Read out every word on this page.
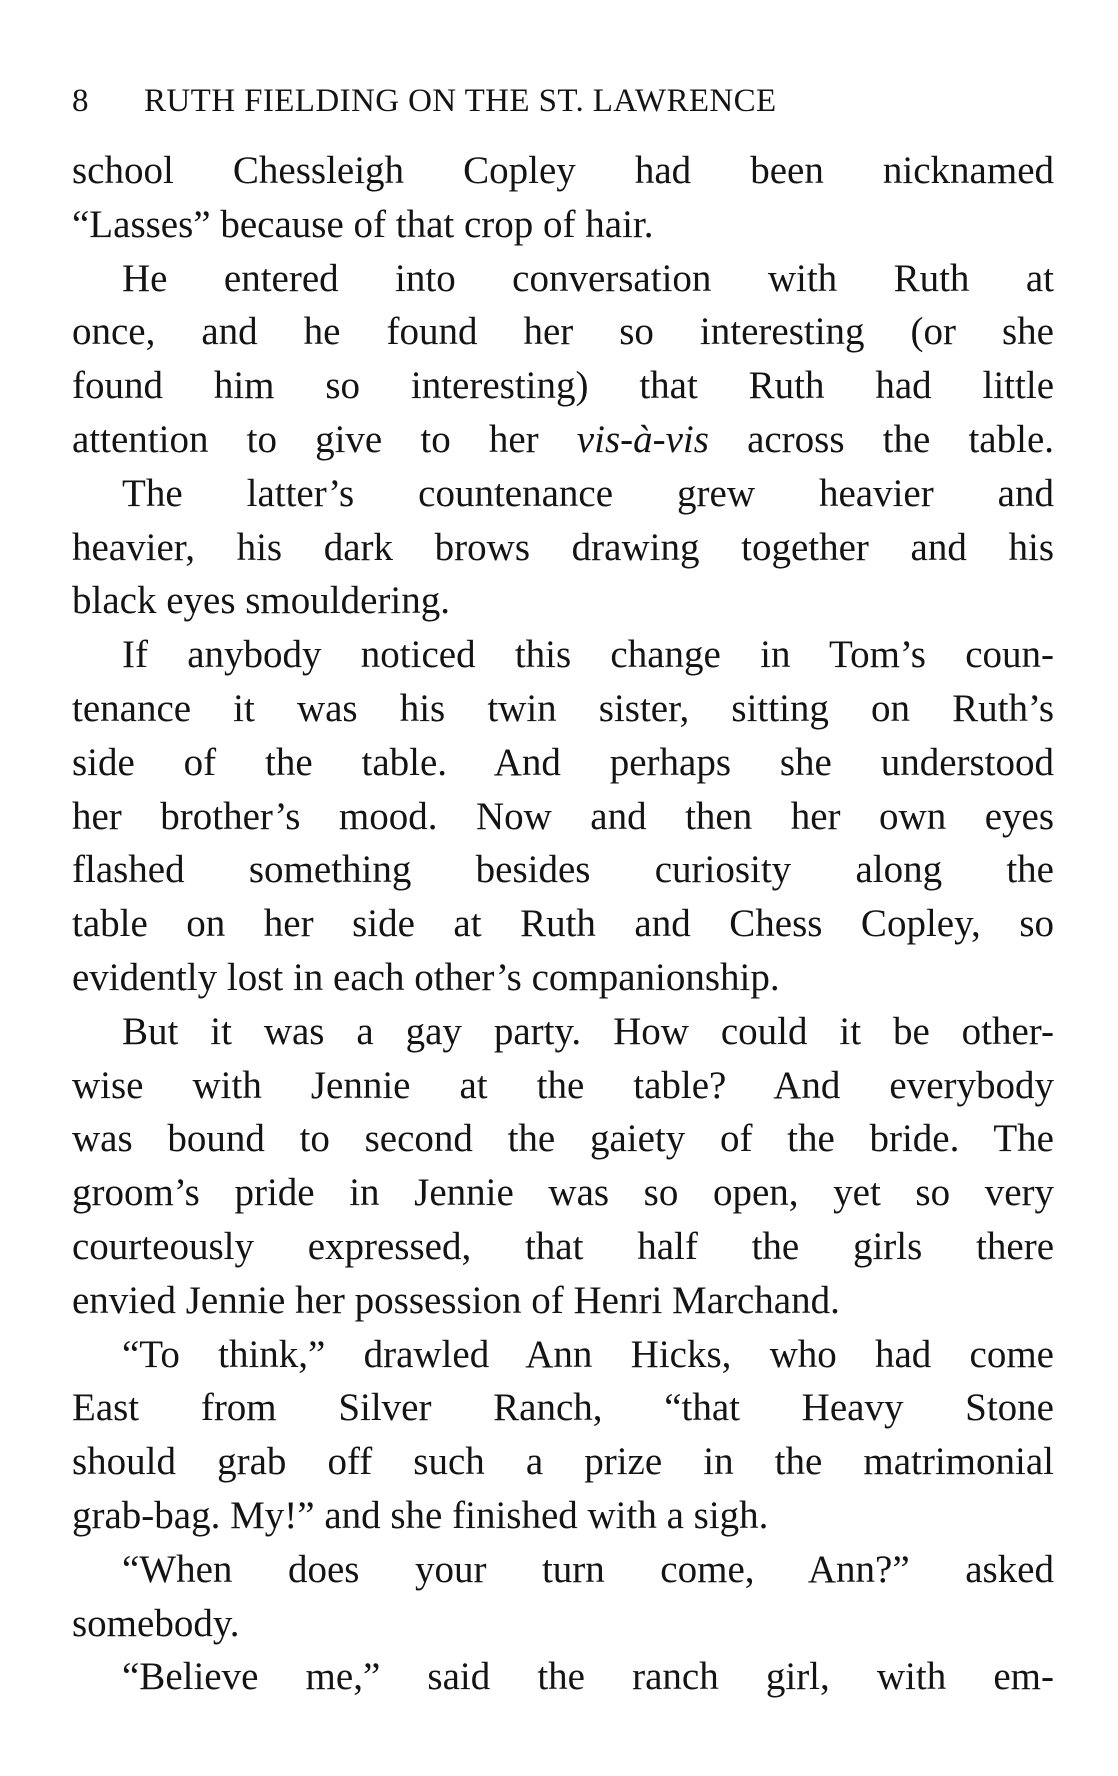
8	RUTH FIELDING ON THE ST. LAWRENCE
school Chessleigh Copley had been nicknamed
“Lasses” because of that crop of hair.
He entered into conversation with Ruth at
once, and he found her so interesting (or she
found him so interesting) that Ruth had little
attention to give to her vis-à-vis across the table.
The latter’s countenance grew heavier and
heavier, his dark brows drawing together and his
black eyes smouldering.
If anybody noticed this change in Tom’s coun-
tenance it was his twin sister, sitting on Ruth’s
side of the table. And perhaps she understood
her brother’s mood. Now and then her own eyes
flashed something besides curiosity along the
table on her side at Ruth and Chess Copley, so
evidently lost in each other’s companionship.
But it was a gay party. How could it be other-
wise with Jennie at the table? And everybody
was bound to second the gaiety of the bride. The
groom’s pride in Jennie was so open, yet so very
courteously expressed, that half the girls there
envied Jennie her possession of Henri Marchand.
“To think,” drawled Ann Hicks, who had come
East from Silver Ranch, “that Heavy Stone
should grab off such a prize in the matrimonial
grab-bag. My!” and she finished with a sigh.
“When does your turn come, Ann?” asked
somebody.
“Believe me,” said the ranch girl, with em-
